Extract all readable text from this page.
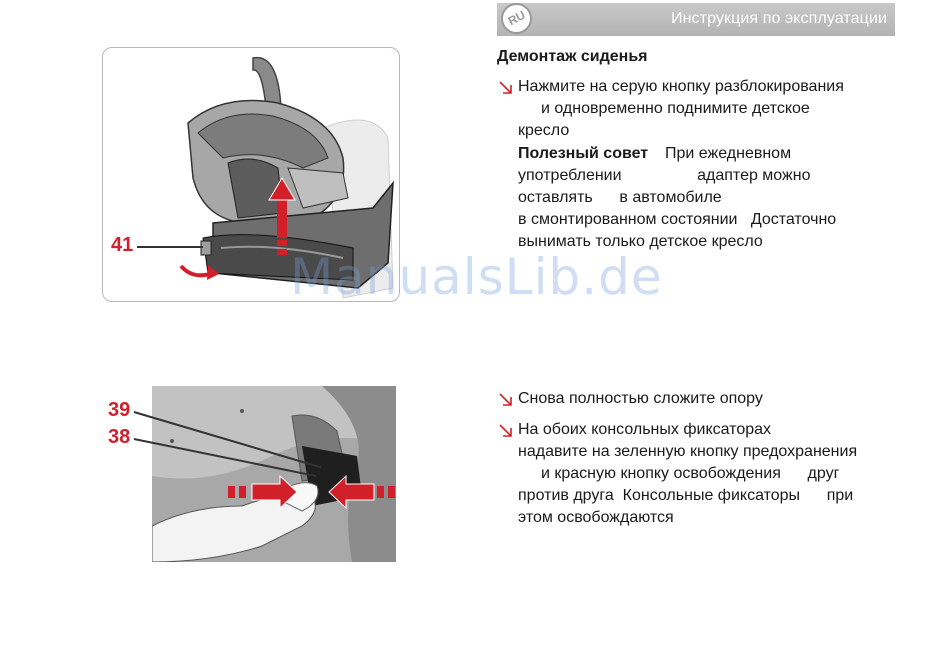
Инструкция по эксплуатации
RU
Демонтаж сиденья
Нажмите на серую кнопку разблокирования
и одновременно поднимите детское
кресло
Полезный совет При ежедневном
употреблении                 адаптер можно
оставлять      в автомобиле
в смонтированном состоянии   Достаточно
вынимать только детское кресло
Снова полностью сложите опору
На обоих консольных фиксаторах
надавите на зеленную кнопку предохранения
и красную кнопку освобождения      друг
против друга  Консольные фиксаторы      при
этом освобождаются
41
39
38
ManualsLib.de
